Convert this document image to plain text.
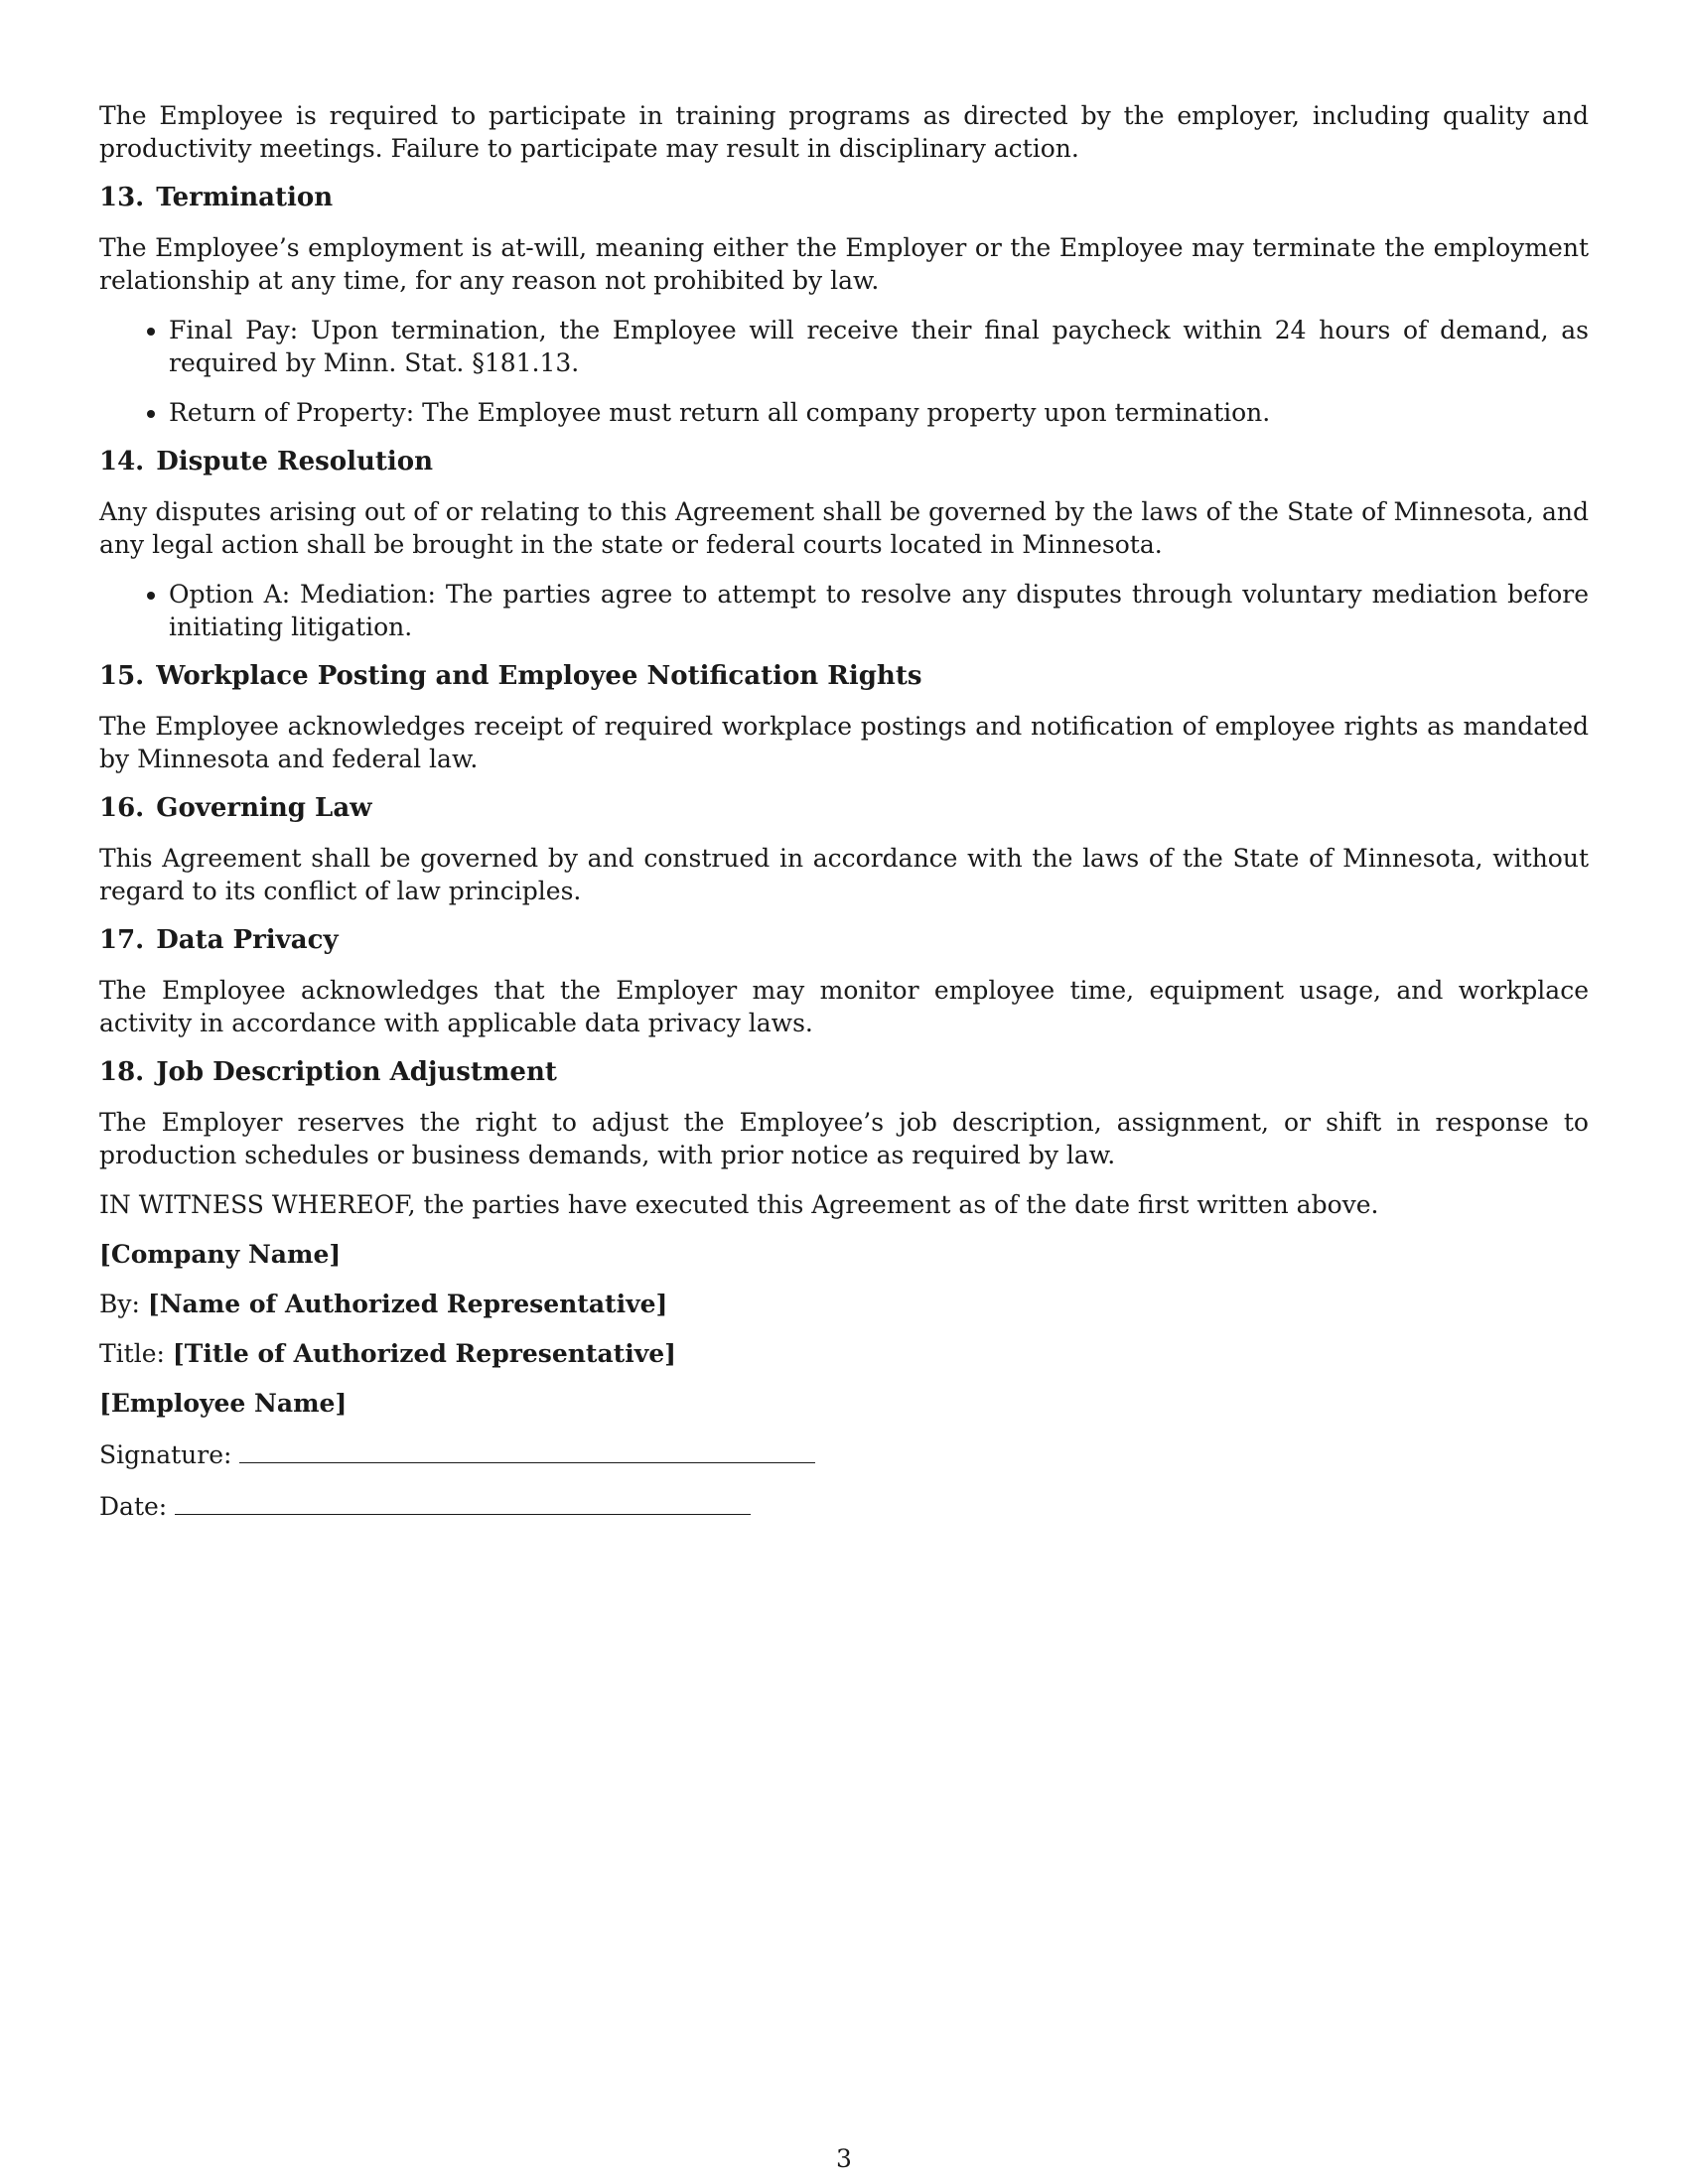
The Employee is required to participate in training programs as directed by the employer, including quality and productivity meetings. Failure to participate may result in disciplinary action.

13. Termination

The Employee’s employment is at-will, meaning either the Employer or the Employee may terminate the employment relationship at any time, for any reason not prohibited by law.

• Final Pay: Upon termination, the Employee will receive their final paycheck within 24 hours of demand, as required by Minn. Stat. §181.13.
• Return of Property: The Employee must return all company property upon termination.
14. Dispute Resolution

Any disputes arising out of or relating to this Agreement shall be governed by the laws of the State of Minnesota, and any legal action shall be brought in the state or federal courts located in Minnesota.

• Option A: Mediation: The parties agree to attempt to resolve any disputes through voluntary mediation before initiating litigation.
15. Workplace Posting and Employee Notification Rights

The Employee acknowledges receipt of required workplace postings and notification of employee rights as mandated by Minnesota and federal law.

16. Governing Law

This Agreement shall be governed by and construed in accordance with the laws of the State of Minnesota, without regard to its conflict of law principles.

17. Data Privacy

The Employee acknowledges that the Employer may monitor employee time, equipment usage, and workplace activity in accordance with applicable data privacy laws.

18. Job Description Adjustment

The Employer reserves the right to adjust the Employee’s job description, assignment, or shift in response to production schedules or business demands, with prior notice as required by law.

IN WITNESS WHEREOF, the parties have executed this Agreement as of the date first written above.

[Company Name]

By: [Name of Authorized Representative]

Title: [Title of Authorized Representative]

[Employee Name]

Signature:

Date:

3
